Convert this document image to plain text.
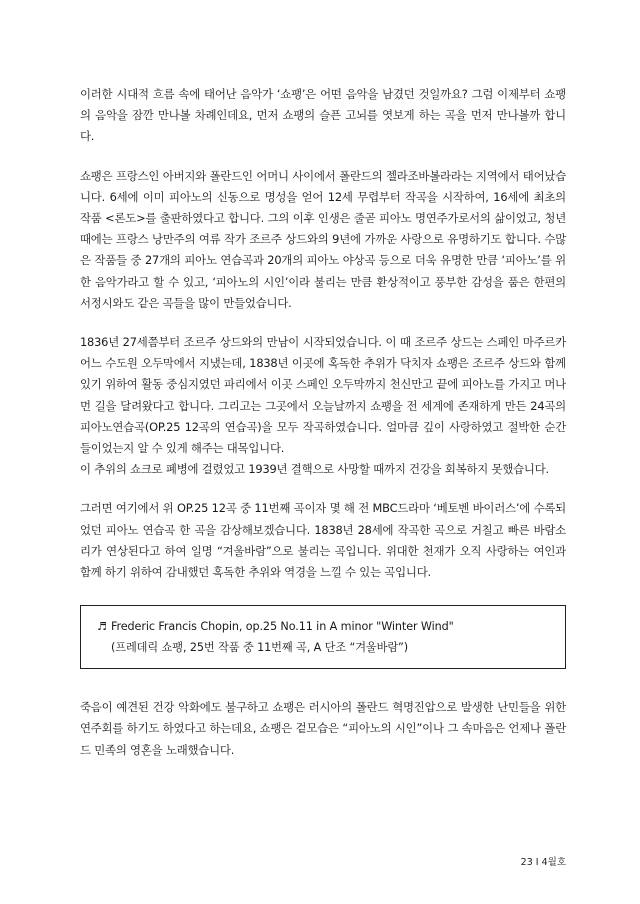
이러한 시대적 흐름 속에 태어난 음악가 ‘쇼팽’은 어떤 음악을 남겼던 것일까요? 그럼 이제부터 쇼팽의 음악을 잠깐 만나볼 차례인데요, 먼저 쇼팽의 슬픈 고뇌를 엿보게 하는 곡을 먼저 만나볼까 합니다.

쇼팽은 프랑스인 아버지와 폴란드인 어머니 사이에서 폴란드의 젤라조바볼라라는 지역에서 태어났습니다. 6세에 이미 피아노의 신동으로 명성을 얻어 12세 무렵부터 작곡을 시작하여, 16세에 최초의 작품 <론도>를 출판하였다고 합니다. 그의 이후 인생은 줄곧 피아노 명연주가로서의 삶이었고, 청년 때에는 프랑스 낭만주의 여류 작가 조르주 상드와의 9년에 가까운 사랑으로 유명하기도 합니다. 수많은 작품들 중 27개의 피아노 연습곡과 20개의 피아노 야상곡 등으로 더욱 유명한 만큼 ‘피아노’를 위한 음악가라고 할 수 있고, ‘피아노의 시인’이라 불리는 만큼 환상적이고 풍부한 감성을 품은 한편의 서정시와도 같은 곡들을 많이 만들었습니다.

1836년 27세쯤부터 조르주 상드와의 만남이 시작되었습니다. 이 때 조르주 상드는 스페인 마주르카 어느 수도원 오두막에서 지냈는데, 1838년 이곳에 혹독한 추위가 닥치자 쇼팽은 조르주 상드와 함께 있기 위하여 활동 중심지였던 파리에서 이곳 스페인 오두막까지 천신만고 끝에 피아노를 가지고 머나먼 길을 달려왔다고 합니다. 그리고는 그곳에서 오늘날까지 쇼팽을 전 세계에 존재하게 만든 24곡의 피아노연습곡(OP.25 12곡의 연습곡)을 모두 작곡하였습니다. 얼마큼 깊이 사랑하였고 절박한 순간들이었는지 알 수 있게 해주는 대목입니다.

이 추위의 쇼크로 폐병에 걸렸었고 1939년 결핵으로 사망할 때까지 건강을 회복하지 못했습니다.

그러면 여기에서 위 OP.25 12곡 중 11번째 곡이자 몇 해 전 MBC드라마 ‘베토벤 바이러스’에 수록되었던 피아노 연습곡 한 곡을 감상해보겠습니다. 1838년 28세에 작곡한 곡으로 거칠고 빠른 바람소리가 연상된다고 하여 일명 “겨울바람”으로 불리는 곡입니다. 위대한 천재가 오직 사랑하는 여인과 함께 하기 위하여 감내했던 혹독한 추위와 역경을 느낄 수 있는 곡입니다.

♬ Frederic Francis Chopin, op.25 No.11 in A minor "Winter Wind"
(프레데릭 쇼팽, 25번 작품 중 11번째 곡, A 단조 “겨울바람”)

죽음이 예견된 건강 악화에도 불구하고 쇼팽은 러시아의 폴란드 혁명진압으로 발생한 난민들을 위한 연주회를 하기도 하였다고 하는데요, 쇼팽은 겉모습은 “피아노의 시인”이나 그 속마음은 언제나 폴란드 민족의 영혼을 노래했습니다.

23 I 4월호
